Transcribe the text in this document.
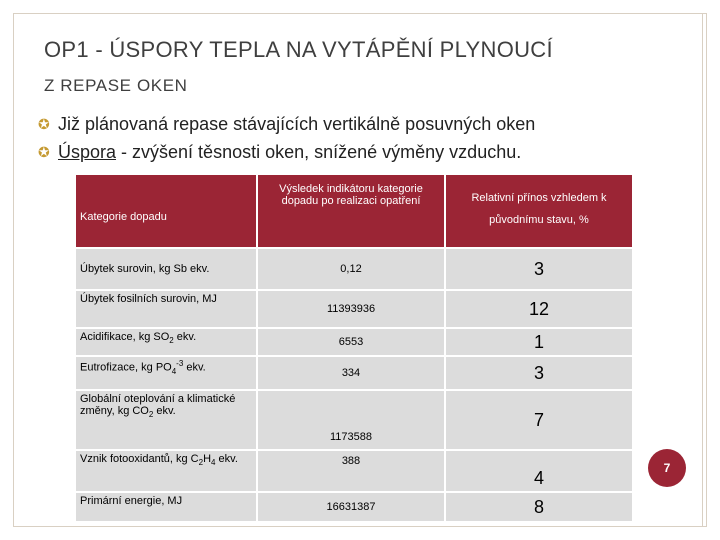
OP1 - ÚSPORY TEPLA NA VYTÁPĚNÍ PLYNOUCÍ
Z REPASE OKEN
✪ Již plánovaná repase stávajících vertikálně posuvných oken
✪ Úspora - zvýšení těsnosti oken, snížené výměny vzduchu.
Kategorie dopadu	Výsledek indikátoru kategorie dopadu po realizaci opatření	Relativní přínos vzhledem k původnímu stavu, %
Úbytek surovin, kg Sb ekv.	0,12	3
Úbytek fosilních surovin, MJ	11393936	12
Acidifikace, kg $SO_2$ ekv.	6553	1
Eutrofizace, kg $PO_4^{-3}$ ekv.	334	3
Globální oteplování a klimatické změny, kg $CO_2$ ekv.	1173588	7
Vznik fotooxidantů, kg $C_2H_4$ ekv.	388	4
Primární energie, MJ	16631387	8
7
